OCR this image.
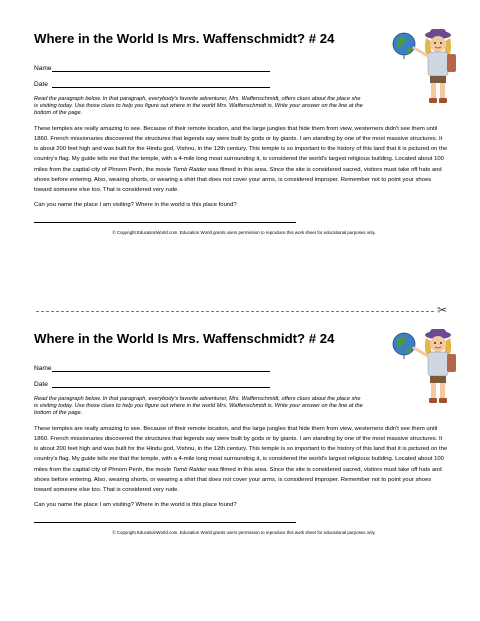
Where in the World Is Mrs. Waffenschmidt? # 24
Name
Date
Read the paragraph below. In that paragraph, everybody's favorite adventurer, Mrs. Waffenschmidt, offers clues about the place she is visiting today. Use those clues to help you figure out where in the world Mrs. Waffenschmidt is. Write your answer on the line at the bottom of the page.
These temples are really amazing to see. Because of their remote location, and the large jungles that hide them from view, westerners didn't see them until 1860. French missionaries discovered the structures that legends say were built by gods or by giants. I am standing by one of the most massive structures. It is about 200 feet high and was built for the Hindu god, Vishnu, in the 12th century. This temple is so important to the history of this land that it is pictured on the country's flag. My guide tells me that the temple, with a 4-mile long moat surrounding it, is considered the world's largest religious building. Located about 100 miles from the capital city of Phnom Penh, the movie Tomb Raider was filmed in this area. Since the site is considered sacred, visitors must take off hats and shoes before entering. Also, wearing shorts, or wearing a shirt that does not cover your arms, is considered improper. Remember not to point your shoes toward someone else too. That is considered very rude.
Can you name the place I am visiting? Where in the world is this place found?
© Copyright EducationWorld.com. Education World grants users permission to reproduce this work sheet for educational purposes only.
✂
Where in the World Is Mrs. Waffenschmidt? # 24
Name
Date
Read the paragraph below. In that paragraph, everybody's favorite adventurer, Mrs. Waffenschmidt, offers clues about the place she is visiting today. Use those clues to help you figure out where in the world Mrs. Waffenschmidt is. Write your answer on the line at the bottom of the page.
These temples are really amazing to see. Because of their remote location, and the large jungles that hide them from view, westerners didn't see them until 1860. French missionaries discovered the structures that legends say were built by gods or by giants. I am standing by one of the most massive structures. It is about 200 feet high and was built for the Hindu god, Vishnu, in the 12th century. This temple is so important to the history of this land that it is pictured on the country's flag. My guide tells me that the temple, with a 4-mile long moat surrounding it, is considered the world's largest religious building. Located about 100 miles from the capital city of Phnom Penh, the movie Tomb Raider was filmed in this area. Since the site is considered sacred, visitors must take off hats and shoes before entering. Also, wearing shorts, or wearing a shirt that does not cover your arms, is considered improper. Remember not to point your shoes toward someone else too. That is considered very rude.
Can you name the place I am visiting? Where in the world is this place found?
© Copyright EducationWorld.com. Education World grants users permission to reproduce this work sheet for educational purposes only.
